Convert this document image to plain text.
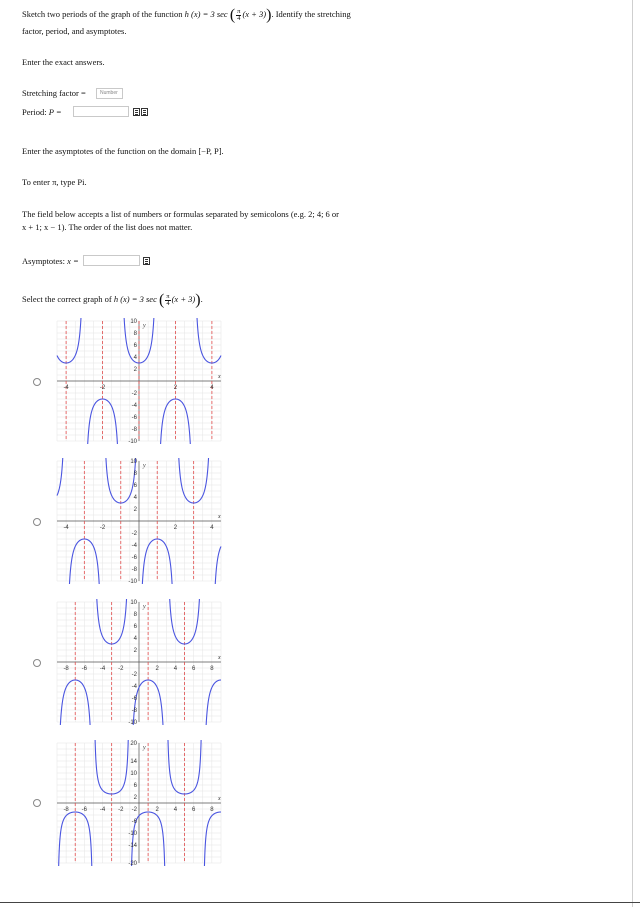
Sketch two periods of the graph of the function h (x) = 3 sec ( $\frac{\pi}{4} (x + 3)$). Identify the stretching
factor, period, and asymptotes.
Enter the exact answers.
Stretching factor =	Number
Period: P =
Enter the asymptotes of the function on the domain [−P, P].
To enter π, type Pi.
The field below accepts a list of numbers or formulas separated by semicolons (e.g. 2; 4; 6 or
x + 1; x − 1). The order of the list does not matter.
Asymptotes: x =
Select the correct graph of h (x) = 3 sec ( $\frac{\pi}{4} (x + 3)$).
-4	-2	2	4
10
8
6
4
2
-2
-4
-6
-8
-10
x
y
-4	-2	2	4
10
8
6
4
2
-2
-4
-6
-8
-10
x
y
-8 -6 -4 -2	2 4 6 8
10
8
6
4
2
-2
-4
-6
-8
-10
x
y
-8 -6 -4 -2	2 4 6 8
20
14
10
6
2
-2
-6
-10
-14
-20
x
y
